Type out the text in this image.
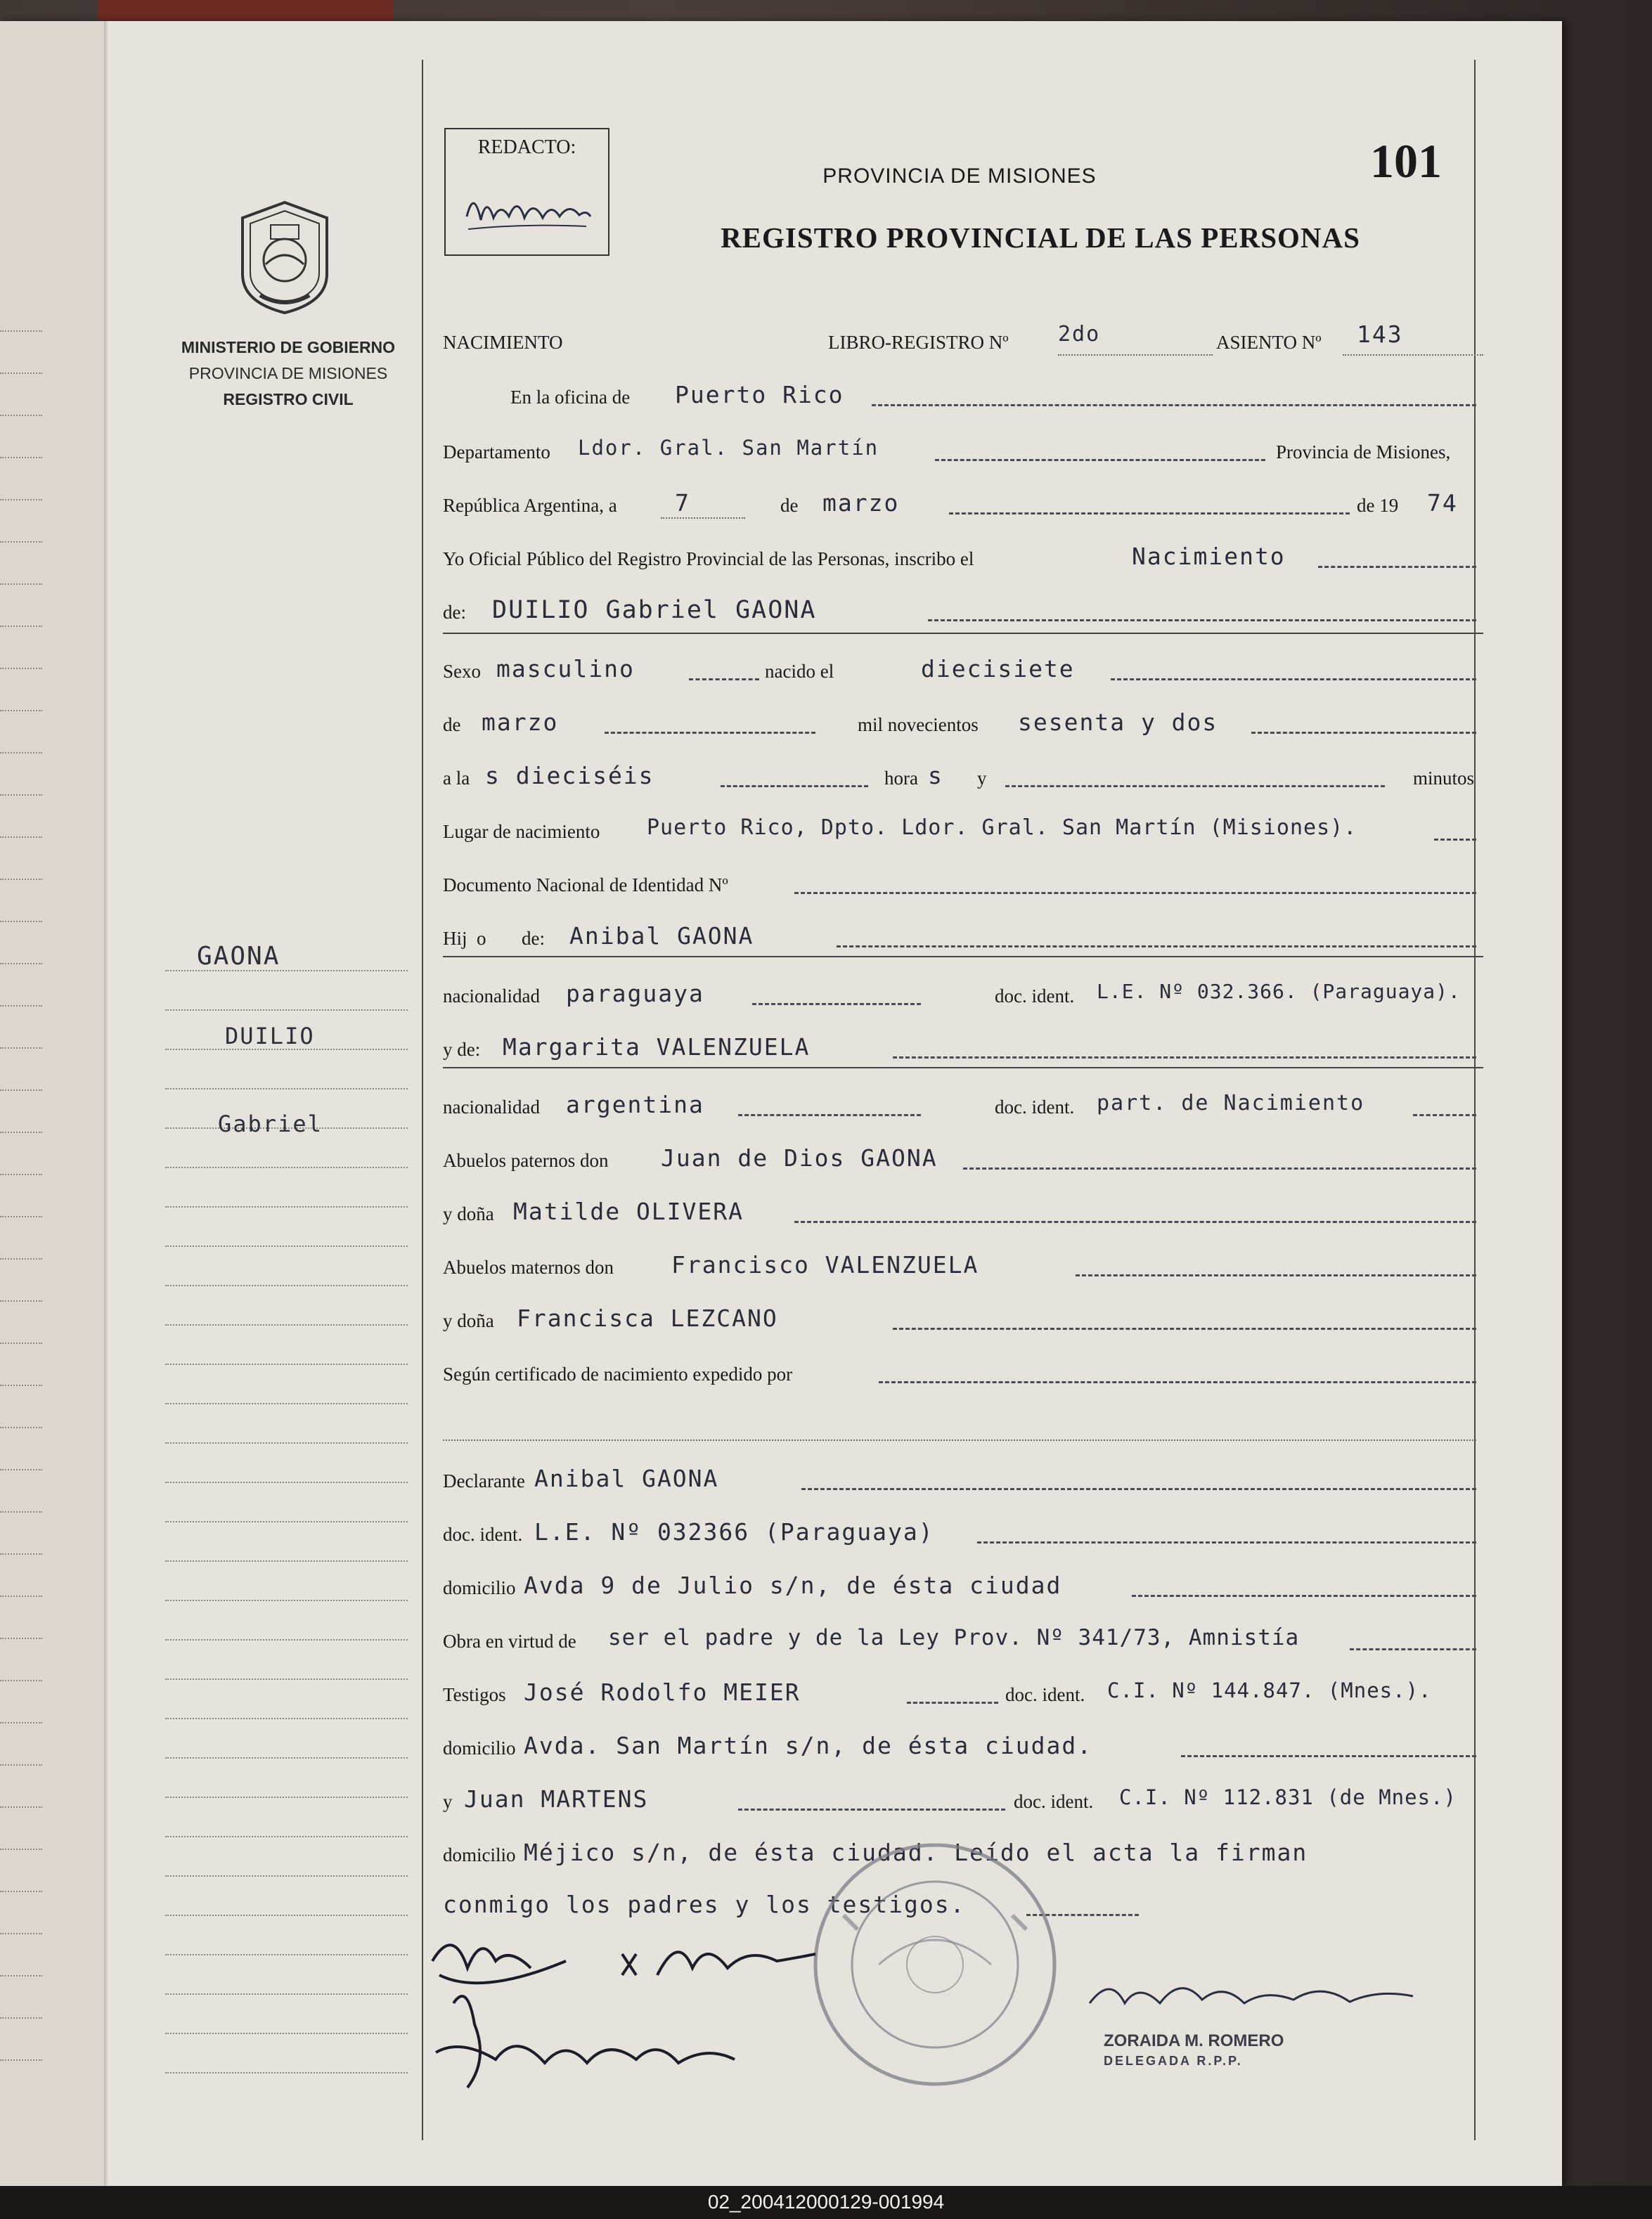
MINISTERIO DE GOBIERNO
PROVINCIA DE MISIONES
REGISTRO CIVIL
GAONA
DUILIO
Gabriel
REDACTO:
PROVINCIA DE MISIONES
REGISTRO PROVINCIAL DE LAS PERSONAS
101
NACIMIENTO	LIBRO-REGISTRO Nº 2do	ASIENTO Nº 143
En la oficina de Puerto Rico
Departamento Ldor. Gral. San Martín	Provincia de Misiones,
República Argentina, a 7	de marzo	de 19 74
Yo Oficial Público del Registro Provincial de las Personas, inscribo el	Nacimiento
de: DUILIO Gabriel GAONA
Sexo masculino	nacido el	diecisiete
de marzo	mil novecientos sesenta y dos
a la s dieciséis	hora s y	minutos
Lugar de nacimiento Puerto Rico, Dpto. Ldor. Gral. San Martín (Misiones).
Documento Nacional de Identidad Nº
Hij o de: Anibal GAONA
nacionalidad paraguaya	doc. ident. L.E. Nº 032.366. (Paraguaya).
y de: Margarita VALENZUELA
nacionalidad argentina	doc. ident. part. de Nacimiento
Abuelos paternos don Juan de Dios GAONA
y doña Matilde OLIVERA
Abuelos maternos don Francisco VALENZUELA
y doña Francisca LEZCANO
Según certificado de nacimiento expedido por
Declarante Anibal GAONA
doc. ident. L.E. Nº 032366 (Paraguaya)
domicilio Avda 9 de Julio s/n, de ésta ciudad
Obra en virtud de ser el padre y de la Ley Prov. Nº 341/73, Amnistía
Testigos José Rodolfo MEIER	doc. ident. C.I. Nº 144.847. (Mnes.).
domicilio Avda. San Martín s/n, de ésta ciudad.
y Juan MARTENS	doc. ident. C.I. Nº 112.831 (de Mnes.)
domicilio Méjico s/n, de ésta ciudad. Leído el acta la firman
conmigo los padres y los testigos.
ZORAIDA M. ROMERO
DELEGADA R.P.P.
02_200412000129-001994
